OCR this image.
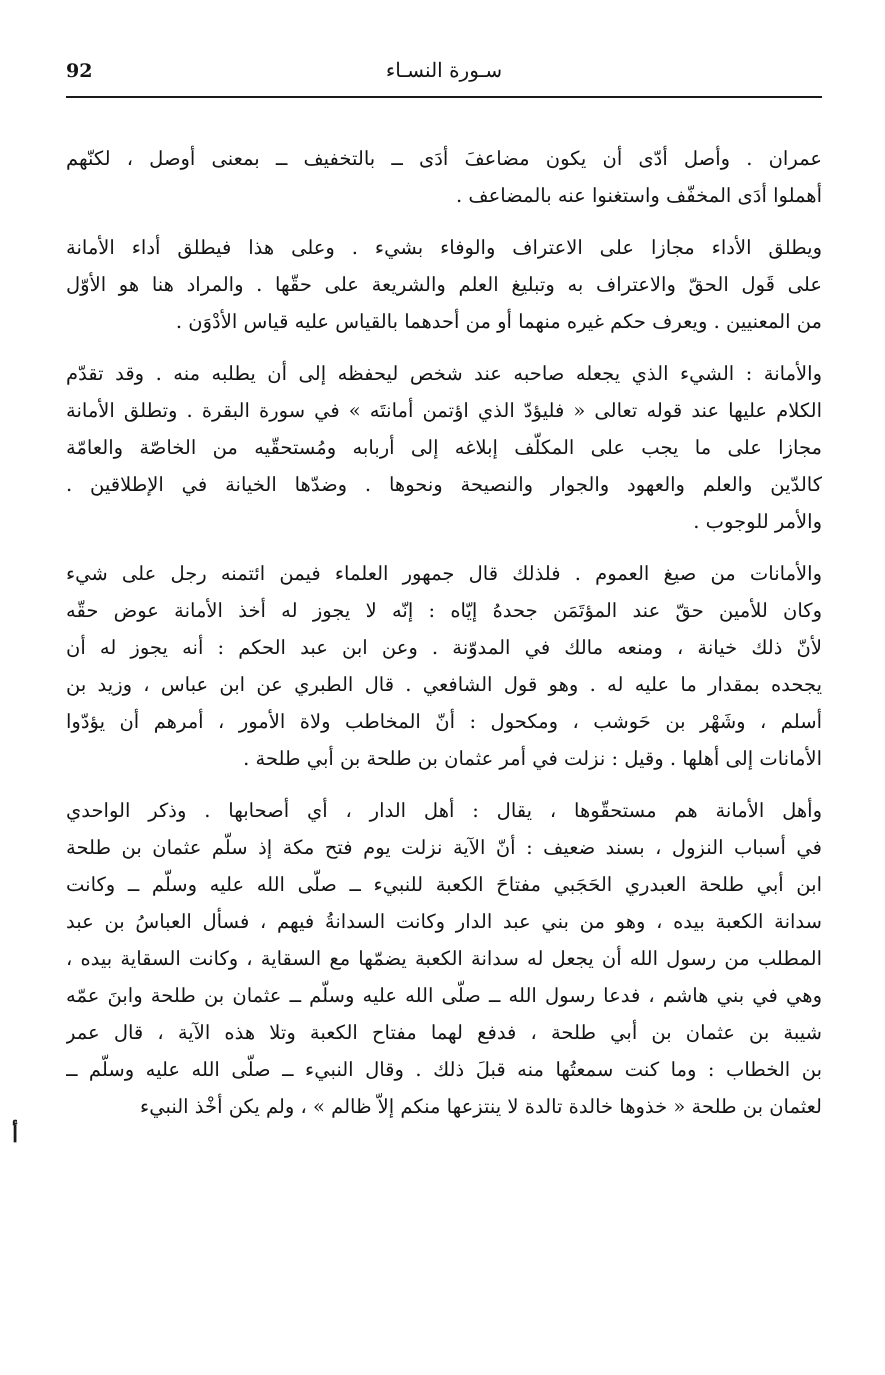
92	سـورة النسـاء
أ
عمران . وأصل أدّى أن يكون مضاعفَ أدَى ــ بالتخفيف ــ بمعنى أوصل ، لكنّهم
أهملوا أدَى المخفّف واستغنوا عنه بالمضاعف .
ويطلق الأداء مجازا على الاعتراف والوفاء بشيء . وعلى هذا فيطلق أداء الأمانة
على قَول الحقّ والاعتراف به وتبليغ العلم والشريعة على حقّها . والمراد هنا هو الأوّل
من المعنيين . ويعرف حكم غيره منهما أو من أحدهما بالقياس عليه قياس الأدْوَن .
والأمانة : الشيء الذي يجعله صاحبه عند شخص ليحفظه إلى أن يطلبه منه . وقد تقدّم
الكلام عليها عند قوله تعالى « فليؤدّ الذي اؤتمن أمانتَه » في سورة البقرة . وتطلق الأمانة
مجازا على ما يجب على المكلّف إبلاغه إلى أربابه ومُستحقّيه من الخاصّة والعامّة
كالدّين والعلم والعهود والجوار والنصيحة ونحوها . وضدّها الخيانة في الإطلاقين .
والأمر للوجوب .
والأمانات من صيغ العموم . فلذلك قال جمهور العلماء فيمن ائتمنه رجل على شيء
وكان للأمين حقّ عند المؤتَمَن جحدهُ إيّاه : إنّه لا يجوز له أخذ الأمانة عوض حقّه
لأنّ ذلك خيانة ، ومنعه مالك في المدوّنة . وعن ابن عبد الحكم : أنه يجوز له أن
يجحده بمقدار ما عليه له . وهو قول الشافعي . قال الطبري عن ابن عباس ، وزيد بن
أسلم ، وشَهْر بن حَوشب ، ومكحول : أنّ المخاطب ولاة الأمور ، أمرهم أن يؤدّوا
الأمانات إلى أهلها . وقيل : نزلت في أمر عثمان بن طلحة بن أبي طلحة .
وأهل الأمانة هم مستحقّوها ، يقال : أهل الدار ، أي أصحابها . وذكر الواحدي
في أسباب النزول ، بسند ضعيف : أنّ الآية نزلت يوم فتح مكة إذ سلّم عثمان بن طلحة
ابن أبي طلحة العبدري الحَجَبي مفتاحَ الكعبة للنبيء ــ صلّى الله عليه وسلّم ــ وكانت
سدانة الكعبة بيده ، وهو من بني عبد الدار وكانت السدانةُ فيهم ، فسأل العباسُ بن عبد
المطلب من رسول الله أن يجعل له سدانة الكعبة يضمّها مع السقاية ، وكانت السقاية بيده ،
وهي في بني هاشم ، فدعا رسول الله ــ صلّى الله عليه وسلّم ــ عثمان بن طلحة وابنَ عمّه
شيبة بن عثمان بن أبي طلحة ، فدفع لهما مفتاح الكعبة وتلا هذه الآية ، قال عمر
بن الخطاب : وما كنت سمعتُها منه قبلَ ذلك . وقال النبيء ــ صلّى الله عليه وسلّم ــ
لعثمان بن طلحة « خذوها خالدة تالدة لا ينتزعها منكم إلاّ ظالم » ، ولم يكن أخْذ النبيء
